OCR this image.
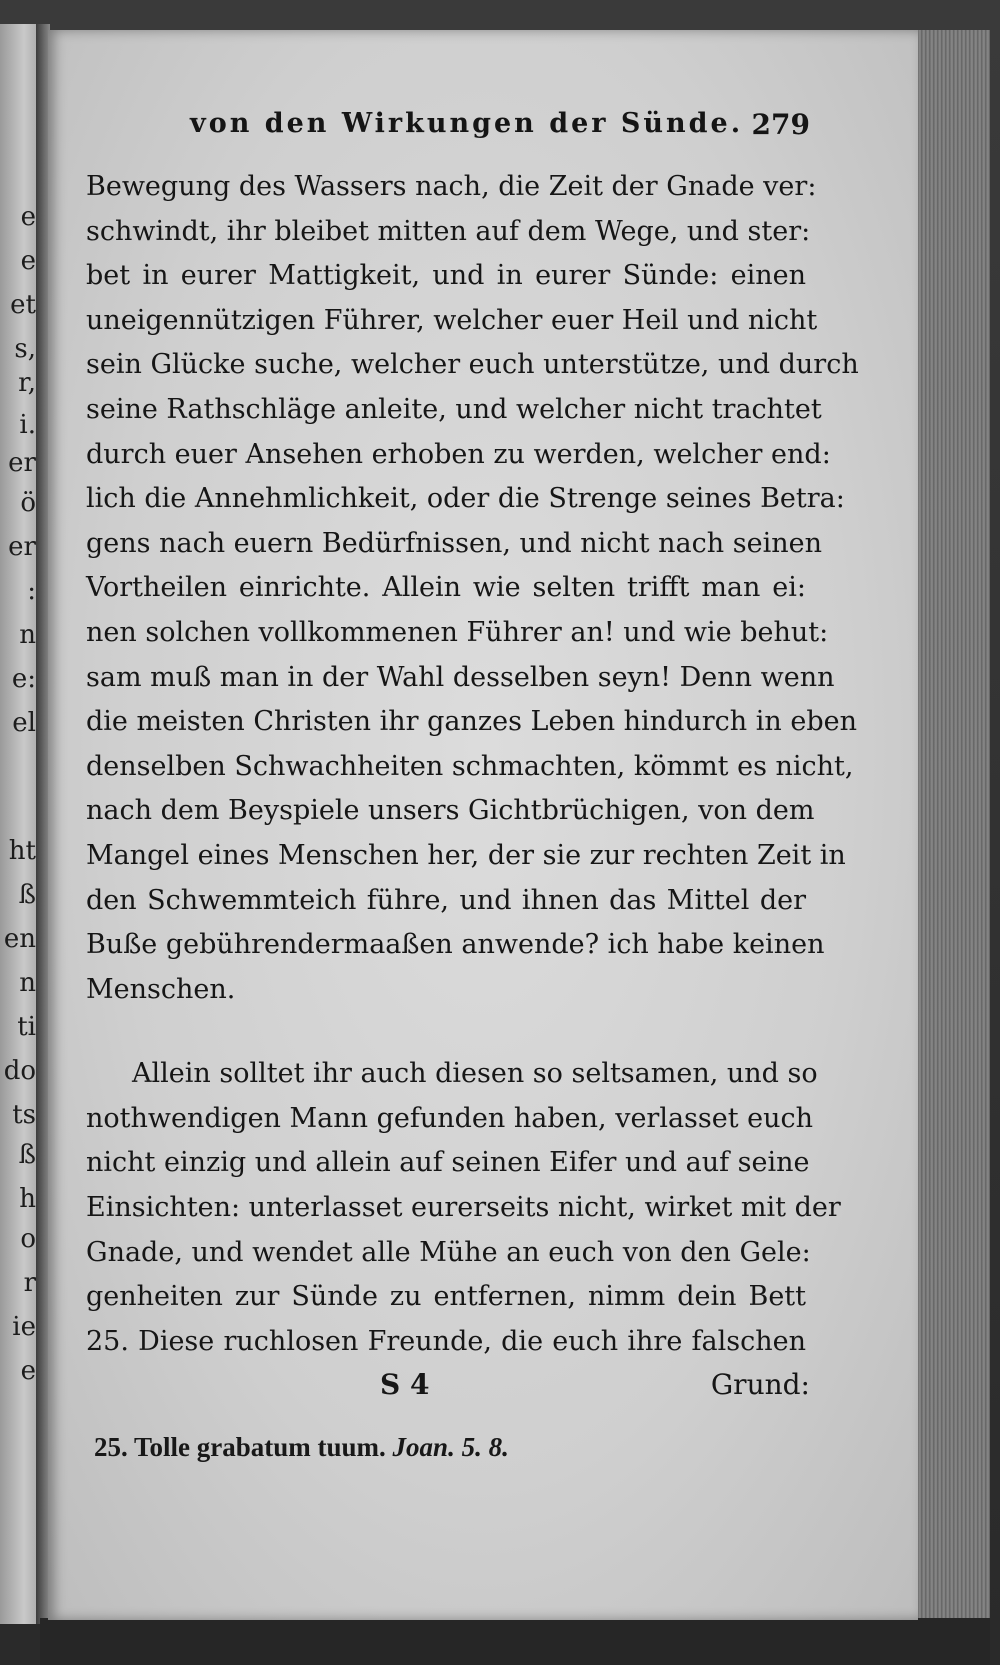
e
e
et
s,
r,
i.
er
ö
er
:
n
e:
el
ht
ß
en
n
ti
do
ts
ß
h
o
r
ie
e
von den Wirkungen der Sünde. 279
Bewegung des Wassers nach, die Zeit der Gnade ver:
schwindt, ihr bleibet mitten auf dem Wege, und ster:
bet in eurer Mattigkeit, und in eurer Sünde: einen
uneigennützigen Führer, welcher euer Heil und nicht
sein Glücke suche, welcher euch unterstütze, und durch
seine Rathschläge anleite, und welcher nicht trachtet
durch euer Ansehen erhoben zu werden, welcher end:
lich die Annehmlichkeit, oder die Strenge seines Betra:
gens nach euern Bedürfnissen, und nicht nach seinen
Vortheilen einrichte. Allein wie selten trifft man ei:
nen solchen vollkommenen Führer an! und wie behut:
sam muß man in der Wahl desselben seyn! Denn wenn
die meisten Christen ihr ganzes Leben hindurch in eben
denselben Schwachheiten schmachten, kömmt es nicht,
nach dem Beyspiele unsers Gichtbrüchigen, von dem
Mangel eines Menschen her, der sie zur rechten Zeit in
den Schwemmteich führe, und ihnen das Mittel der
Buße gebührendermaaßen anwende? ich habe keinen
Menschen.
Allein solltet ihr auch diesen so seltsamen, und so
nothwendigen Mann gefunden haben, verlasset euch
nicht einzig und allein auf seinen Eifer und auf seine
Einsichten: unterlasset eurerseits nicht, wirket mit der
Gnade, und wendet alle Mühe an euch von den Gele:
genheiten zur Sünde zu entfernen, nimm dein Bett
25. Diese ruchlosen Freunde, die euch ihre falschen
S 4	Grund:
25. Tolle grabatum tuum. Joan. 5. 8.
